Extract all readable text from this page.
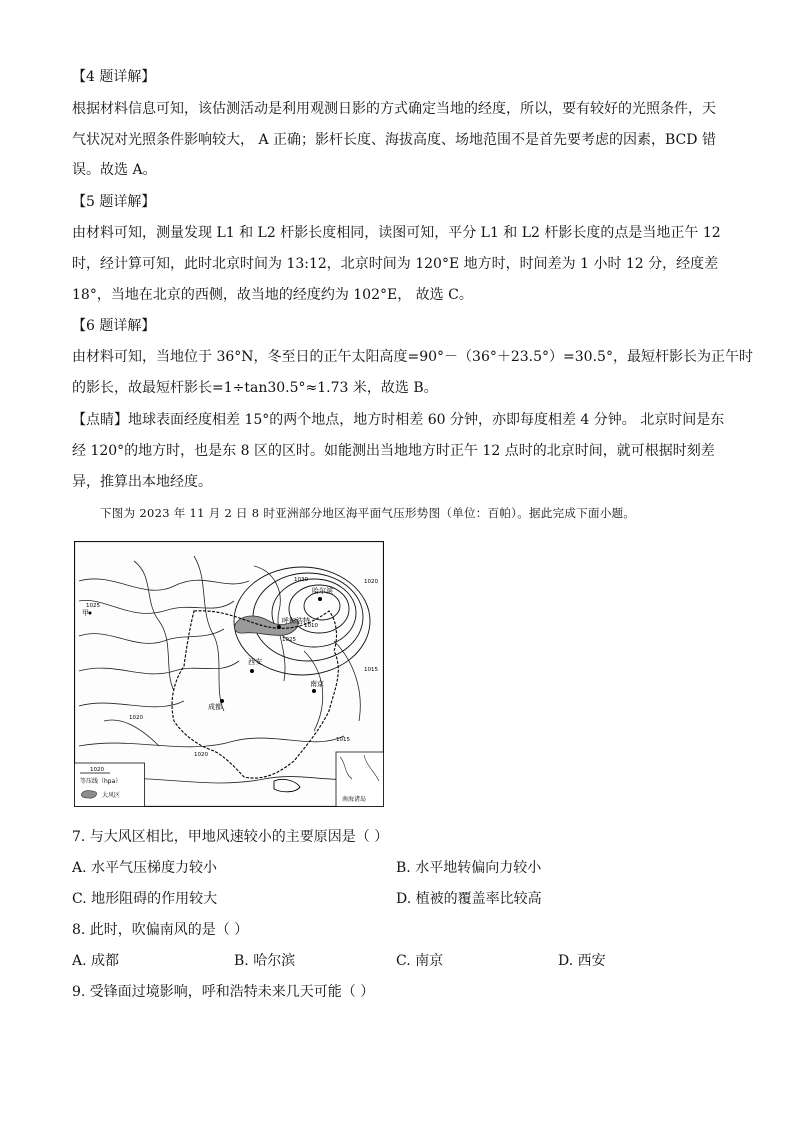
【4 题详解】
根据材料信息可知，该估测活动是利用观测日影的方式确定当地的经度，所以，要有较好的光照条件，天
气状况对光照条件影响较大， A 正确；影杆长度、海拔高度、场地范围不是首先要考虑的因素，BCD 错
误。故选 A。
【5 题详解】
由材料可知，测量发现 L1 和 L2 杆影长度相同，读图可知，平分 L1 和 L2 杆影长度的点是当地正午 12
时，经计算可知，此时北京时间为 13:12，北京时间为 120°E 地方时，时间差为 1 小时 12 分，经度差
18°，当地在北京的西侧，故当地的经度约为 102°E， 故选 C。
【6 题详解】
由材料可知，当地位于 36°N，冬至日的正午太阳高度=90°－（36°＋23.5°）=30.5°，最短杆影长为正午时
的影长，故最短杆影长=1÷tan30.5°≈1.73 米，故选 B。
【点睛】地球表面经度相差 15°的两个地点，地方时相差 60 分钟，亦即每度相差 4 分钟。 北京时间是东
经 120°的地方时，也是东 8 区的区时。如能测出当地地方时正午 12 点时的北京时间，就可根据时刻差
异，推算出本地经度。
下图为 2023 年 11 月 2 日 8 时亚洲部分地区海平面气压形势图（单位：百帕）。据此完成下面小题。
哈尔滨
呼和浩特
西安
成都
南京
甲
1025
1020
1030
1025
1020
1015
1015
1020
1010
1020
等压线（hpa）
大风区
南海诸岛
7. 与大风区相比，甲地风速较小的主要原因是（ ）
A. 水平气压梯度力较小	B. 水平地转偏向力较小
C. 地形阻碍的作用较大	D. 植被的覆盖率比较高
8. 此时，吹偏南风的是（ ）
A. 成都	B. 哈尔滨	C. 南京	D. 西安
9. 受锋面过境影响，呼和浩特未来几天可能（ ）
